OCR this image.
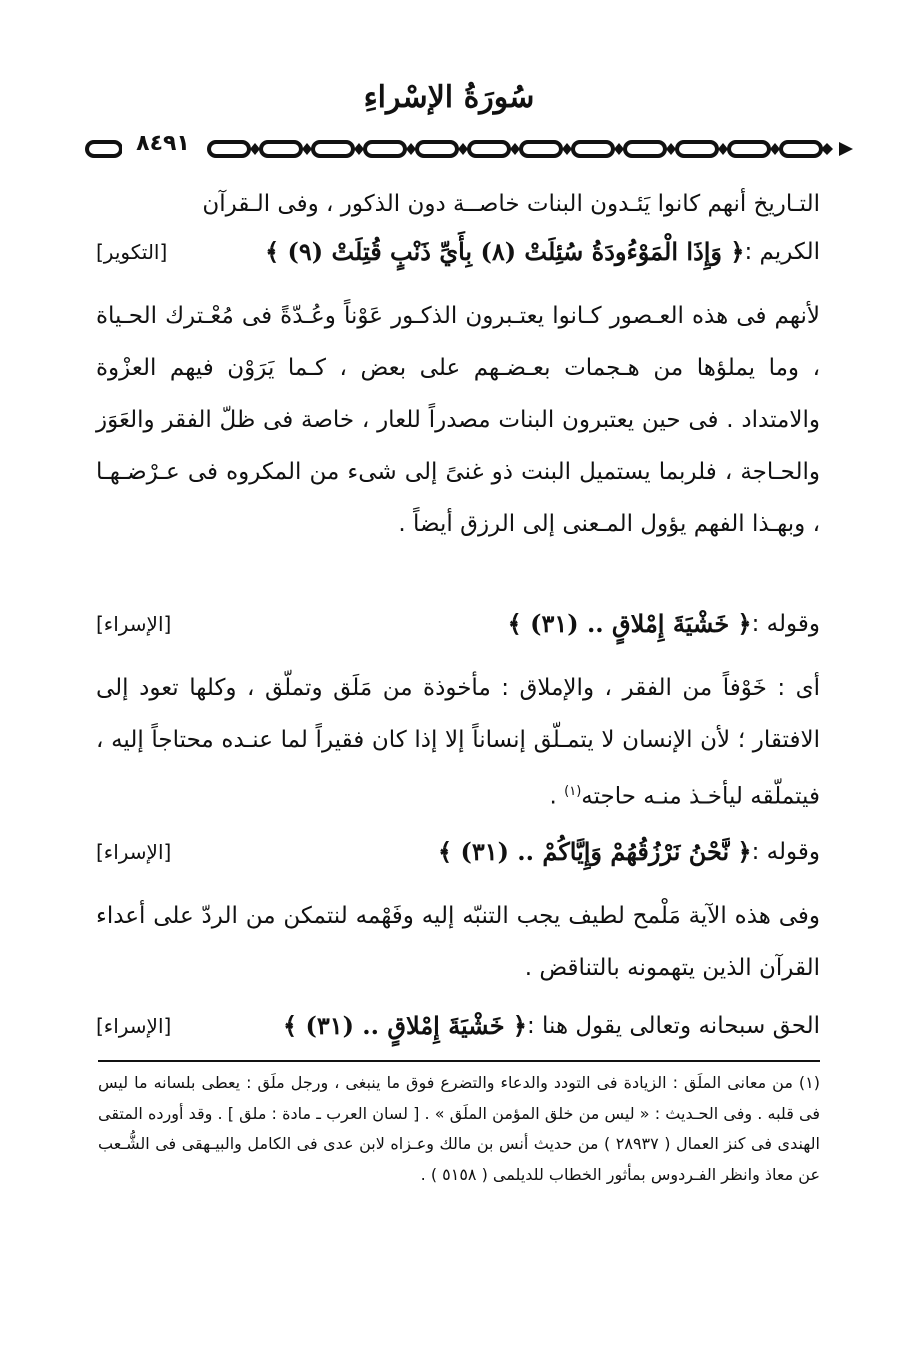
سُورَةُ الإسْراءِ
٨٤٩١

التـاريخ أنهم كانوا يَئـدون البنات خاصــة دون الذكور ، وفى الـقرآن

الكريم :
﴿ وَإِذَا الْمَوْءُودَةُ سُئِلَتْ (٨) بِأَيِّ ذَنْبٍ قُتِلَتْ (٩) ﴾
[التكوير]

لأنهم فى هذه العـصور كـانوا يعتـبرون الذكـور عَوْناً وعُـدّةً فى مُعْـترك الحـياة ، وما يملؤها من هـجمات بعـضـهم على بعض ، كـما يَرَوْن فيهم العزْوة والامتداد . فى حين يعتبرون البنات مصدراً للعار ، خاصة فى ظلّ الفقر والعَوَز والحـاجة ، فلربما يستميل البنت ذو غنىً إلى شىء من المكروه فى عـرْضـهـا ، وبهـذا الفهم يؤول المـعنى إلى الرزق أيضاً .

وقوله :
﴿ خَشْيَةَ إِمْلاقٍ .. (٣١) ﴾
[الإسراء]

أى : خَوْفاً من الفقر ، والإملاق : مأخوذة من مَلَق وتملّق ، وكلها تعود إلى الافتقار ؛ لأن الإنسان لا يتمـلّق إنساناً إلا إذا كان فقيراً لما عنـده محتاجاً إليه ، فيتملّقه ليأخـذ منـه حاجته$^{(١)}$ .

وقوله :
﴿ نَّحْنُ نَرْزُقُهُمْ وَإِيَّاكُمْ .. (٣١) ﴾
[الإسراء]

وفى هذه الآية مَلْمح لطيف يجب التنبّه إليه وفَهْمه لنتمكن من الردّ على أعداء القرآن الذين يتهمونه بالتناقض .

الحق سبحانه وتعالى يقول هنا :
﴿ خَشْيَةَ إِمْلاقٍ .. (٣١) ﴾
[الإسراء]

(١) من معانى الملَق : الزيادة فى التودد والدعاء والتضرع فوق ما ينبغى ، ورجل ملَق : يعطى بلسانه ما ليس فى قلبه . وفى الحـديث : « ليس من خلق المؤمن الملَق » . [ لسان العرب ـ مادة : ملق ] . وقد أورده المتقى الهندى فى كنز العمال ( ٢٨٩٣٧ ) من حديث أنس بن مالك وعـزاه لابن عدى فى الكامل والبيـهقى فى الشُّـعب عن معاذ وانظر الفـردوس بمأثور الخطاب للديلمى ( ٥١٥٨ ) .
